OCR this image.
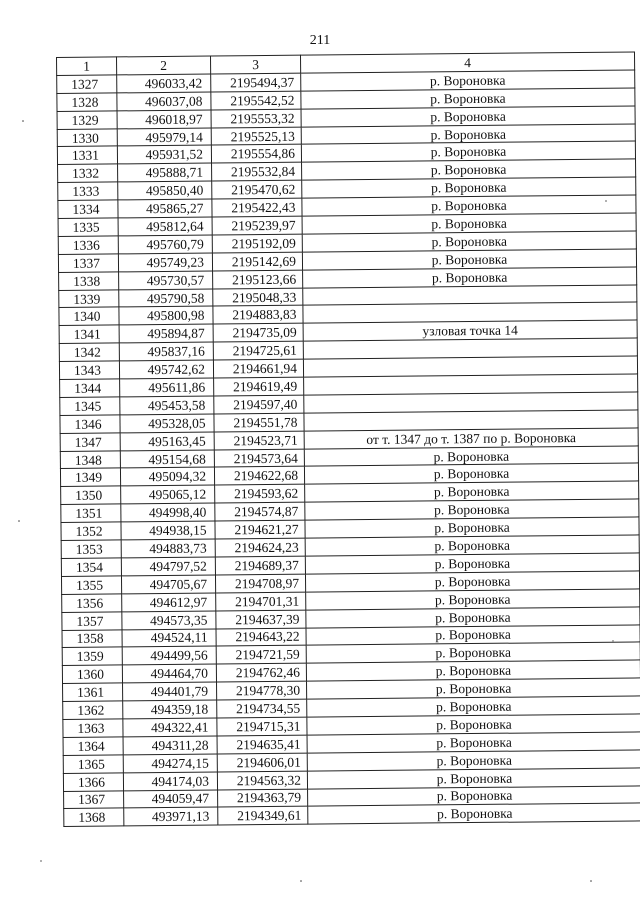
211
1	2	3	4
1327	496033,42	2195494,37	р. Вороновка
1328	496037,08	2195542,52	р. Вороновка
1329	496018,97	2195553,32	р. Вороновка
1330	495979,14	2195525,13	р. Вороновка
1331	495931,52	2195554,86	р. Вороновка
1332	495888,71	2195532,84	р. Вороновка
1333	495850,40	2195470,62	р. Вороновка
1334	495865,27	2195422,43	р. Вороновка
1335	495812,64	2195239,97	р. Вороновка
1336	495760,79	2195192,09	р. Вороновка
1337	495749,23	2195142,69	р. Вороновка
1338	495730,57	2195123,66	р. Вороновка
1339	495790,58	2195048,33	
1340	495800,98	2194883,83	
1341	495894,87	2194735,09	узловая точка 14
1342	495837,16	2194725,61	
1343	495742,62	2194661,94	
1344	495611,86	2194619,49	
1345	495453,58	2194597,40	
1346	495328,05	2194551,78	
1347	495163,45	2194523,71	от т. 1347 до т. 1387 по р. Вороновка
1348	495154,68	2194573,64	р. Вороновка
1349	495094,32	2194622,68	р. Вороновка
1350	495065,12	2194593,62	р. Вороновка
1351	494998,40	2194574,87	р. Вороновка
1352	494938,15	2194621,27	р. Вороновка
1353	494883,73	2194624,23	р. Вороновка
1354	494797,52	2194689,37	р. Вороновка
1355	494705,67	2194708,97	р. Вороновка
1356	494612,97	2194701,31	р. Вороновка
1357	494573,35	2194637,39	р. Вороновка
1358	494524,11	2194643,22	р. Вороновка
1359	494499,56	2194721,59	р. Вороновка
1360	494464,70	2194762,46	р. Вороновка
1361	494401,79	2194778,30	р. Вороновка
1362	494359,18	2194734,55	р. Вороновка
1363	494322,41	2194715,31	р. Вороновка
1364	494311,28	2194635,41	р. Вороновка
1365	494274,15	2194606,01	р. Вороновка
1366	494174,03	2194563,32	р. Вороновка
1367	494059,47	2194363,79	р. Вороновка
1368	493971,13	2194349,61	р. Вороновка
